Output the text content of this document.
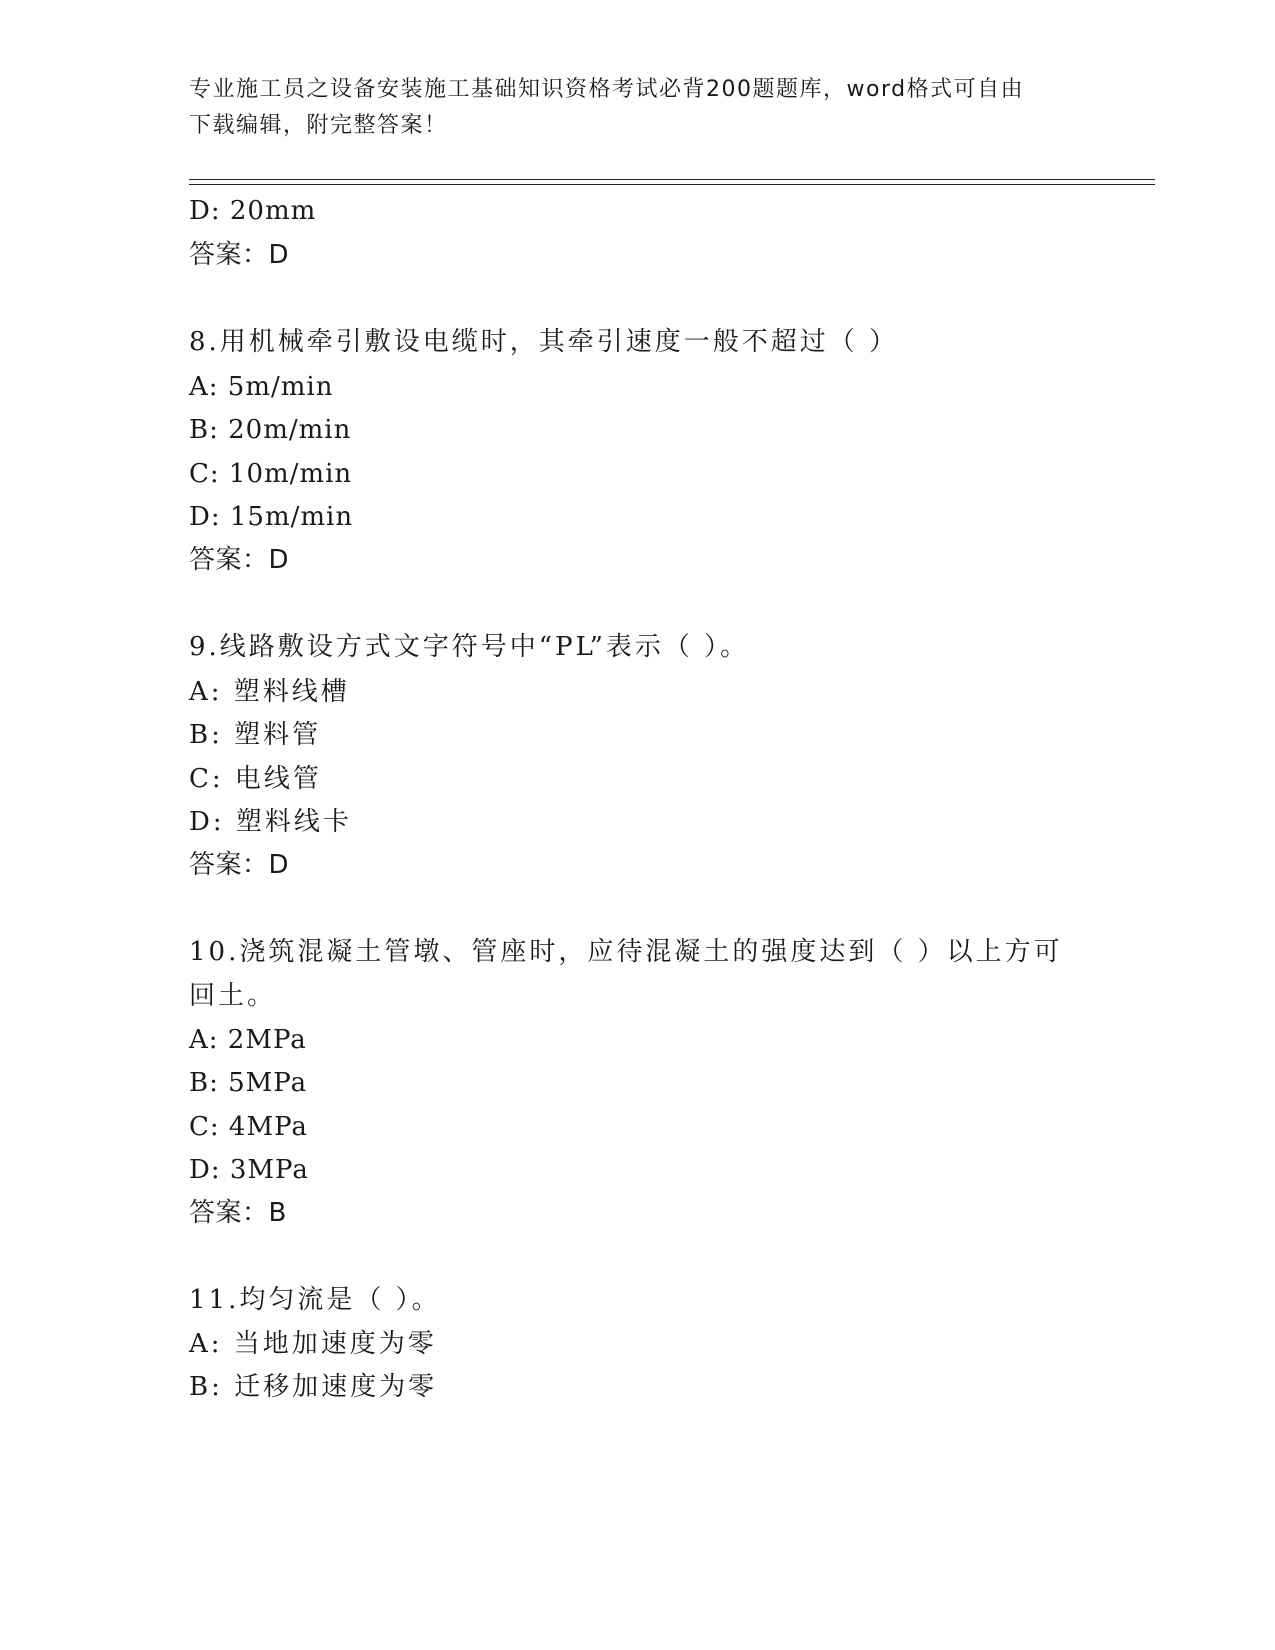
专业施工员之设备安装施工基础知识资格考试必背200题题库，word格式可自由
下载编辑，附完整答案！
D: 20mm
答案：D
8.用机械牵引敷设电缆时，其牵引速度一般不超过（ ）
A: 5m/min
B: 20m/min
C: 10m/min
D: 15m/min
答案：D
9.线路敷设方式文字符号中“PL”表示（ ）。
A: 塑料线槽
B: 塑料管
C: 电线管
D: 塑料线卡
答案：D
10.浇筑混凝土管墩、管座时，应待混凝土的强度达到（ ）以上方可
回土。
A: 2MPa
B: 5MPa
C: 4MPa
D: 3MPa
答案：B
11.均匀流是（ ）。
A: 当地加速度为零
B: 迁移加速度为零
